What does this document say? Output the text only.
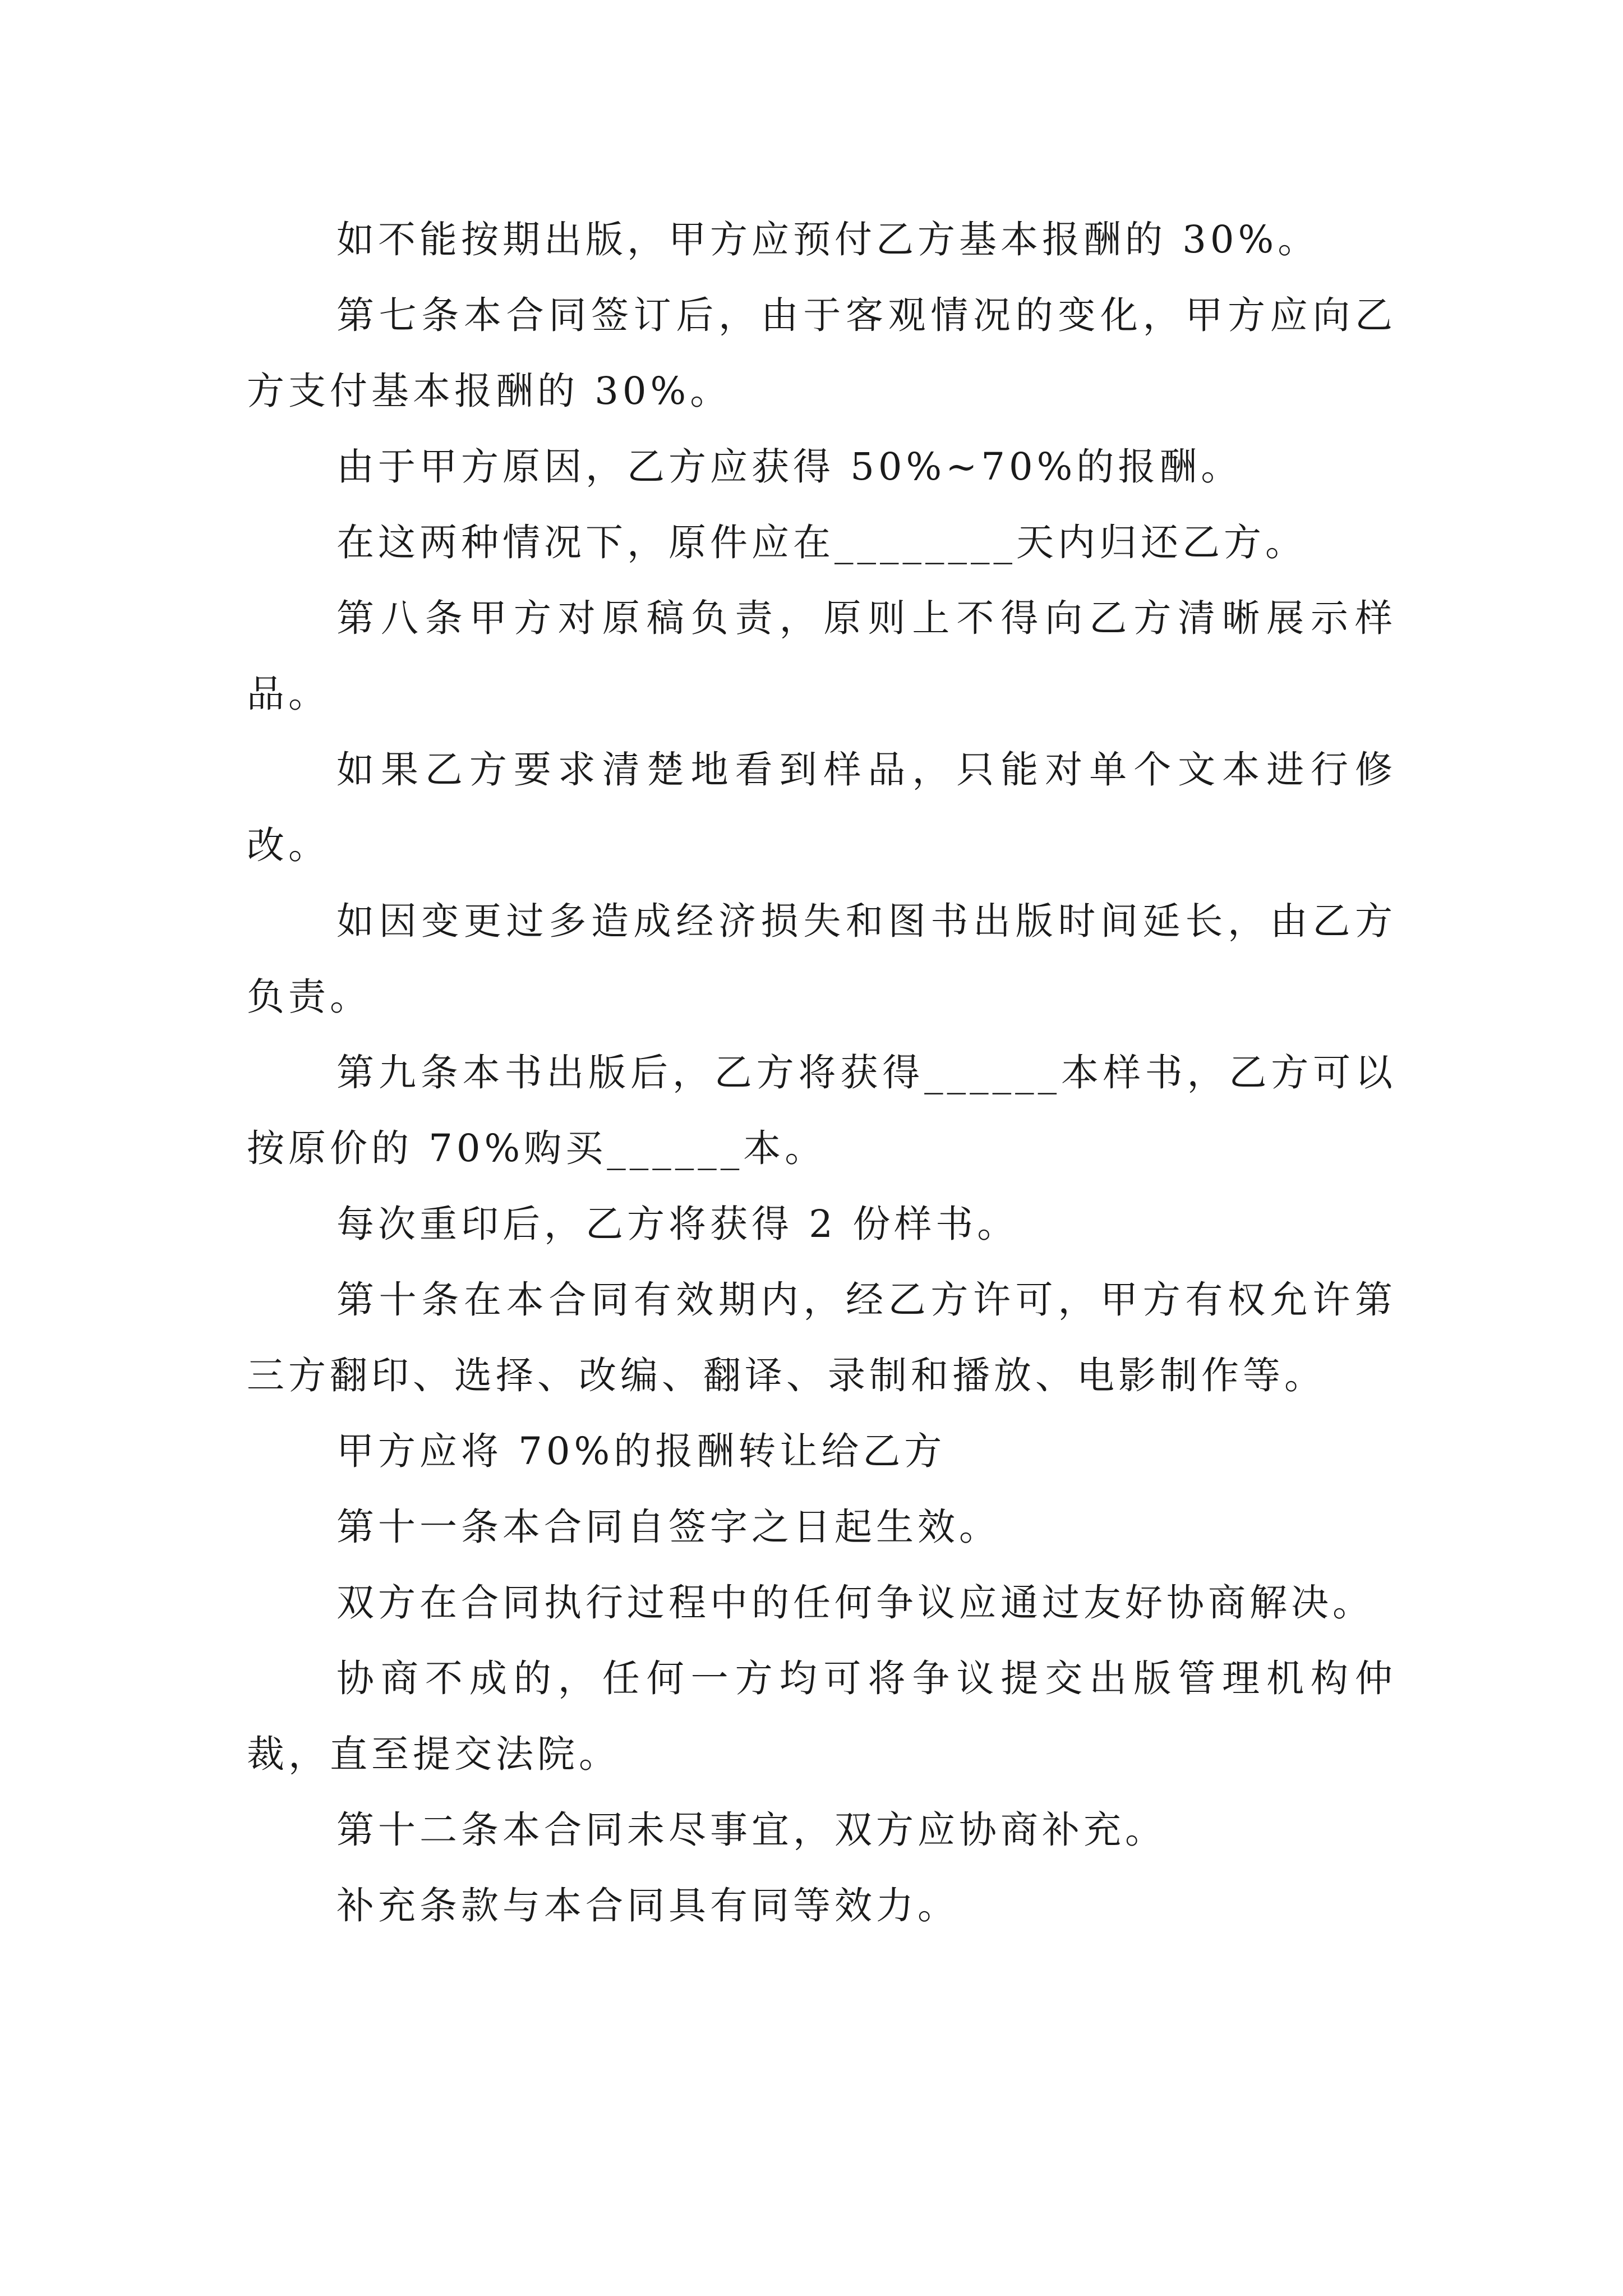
如不能按期出版，甲方应预付乙方基本报酬的 30%。

第七条本合同签订后，由于客观情况的变化，甲方应向乙方支付基本报酬的 30%。

由于甲方原因，乙方应获得 50%~70%的报酬。

在这两种情况下，原件应在________天内归还乙方。

第八条甲方对原稿负责，原则上不得向乙方清晰展示样品。

如果乙方要求清楚地看到样品，只能对单个文本进行修改。

如因变更过多造成经济损失和图书出版时间延长，由乙方负责。

第九条本书出版后，乙方将获得______本样书，乙方可以按原价的 70%购买______本。

每次重印后，乙方将获得 2 份样书。

第十条在本合同有效期内，经乙方许可，甲方有权允许第三方翻印、选择、改编、翻译、录制和播放、电影制作等。

甲方应将 70%的报酬转让给乙方

第十一条本合同自签字之日起生效。

双方在合同执行过程中的任何争议应通过友好协商解决。

协商不成的，任何一方均可将争议提交出版管理机构仲裁，直至提交法院。

第十二条本合同未尽事宜，双方应协商补充。

补充条款与本合同具有同等效力。
